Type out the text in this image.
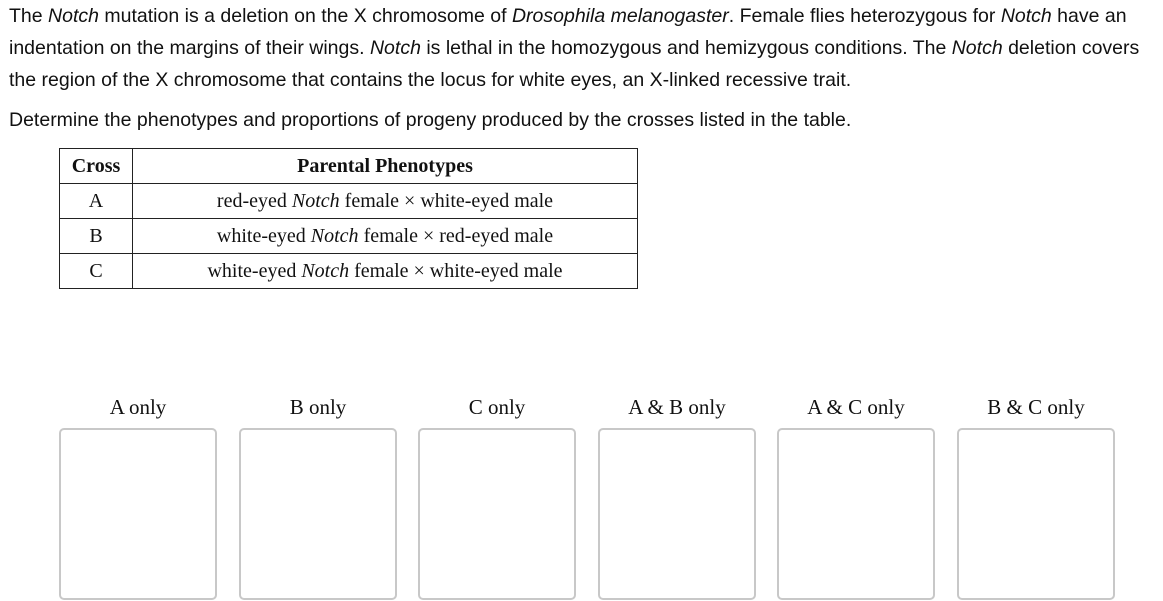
The Notch mutation is a deletion on the X chromosome of Drosophila melanogaster. Female flies heterozygous for Notch have an indentation on the margins of their wings. Notch is lethal in the homozygous and hemizygous conditions. The Notch deletion covers the region of the X chromosome that contains the locus for white eyes, an X-linked recessive trait.

Determine the phenotypes and proportions of progeny produced by the crosses listed in the table.

Cross	Parental Phenotypes
A	red-eyed Notch female × white-eyed male
B	white-eyed Notch female × red-eyed male
C	white-eyed Notch female × white-eyed male
A only	B only	C only	A & B only	A & C only	B & C only
